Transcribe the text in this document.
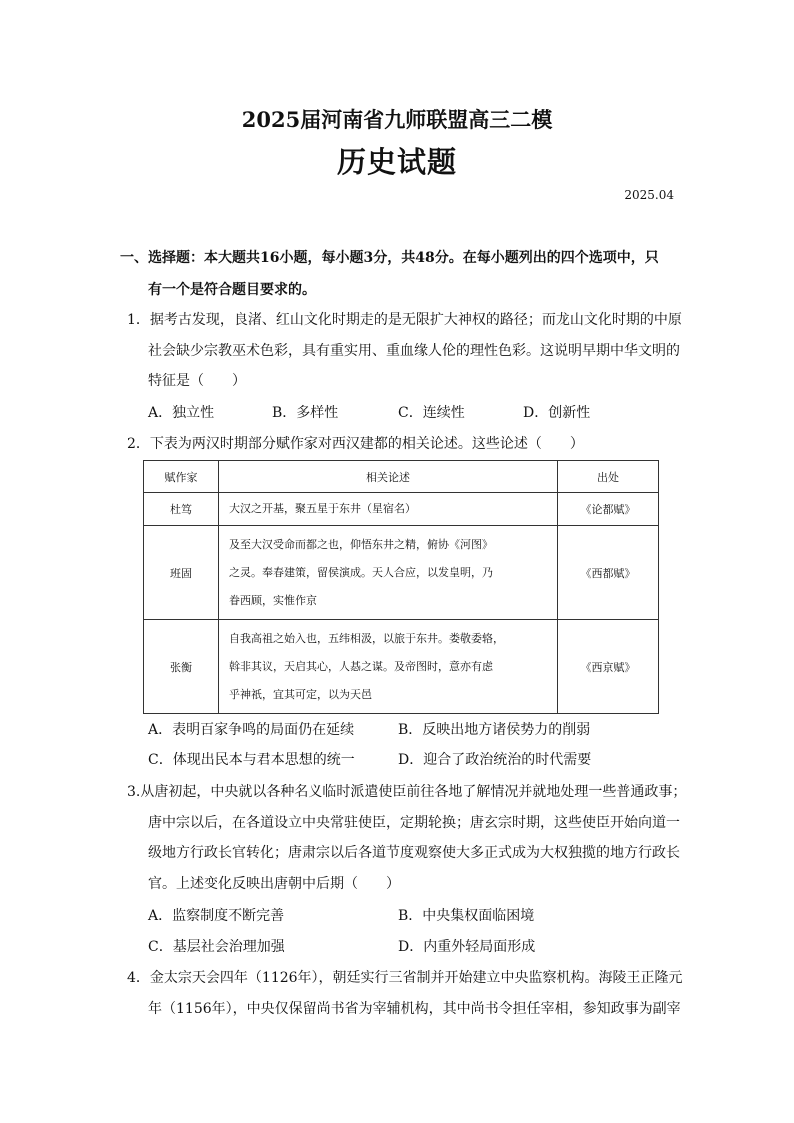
2025届河南省九师联盟高三二模
历史试题
2025.04
一、选择题：本大题共16小题，每小题3分，共48分。在每小题列出的四个选项中，只
有一个是符合题目要求的。
1．据考古发现，良渚、红山文化时期走的是无限扩大神权的路径；而龙山文化时期的中原
社会缺少宗教巫术色彩，具有重实用、重血缘人伦的理性色彩。这说明早期中华文明的
特征是（　　）
A．独立性	B．多样性	C．连续性	D．创新性
2．下表为两汉时期部分赋作家对西汉建都的相关论述。这些论述（　　）
赋作家	相关论述	出处
杜笃	大汉之开基，聚五星于东井（星宿名）	《论都赋》
班固	及至大汉受命而都之也，仰悟东井之精，俯协《河图》
之灵。奉春建策，留侯演成。天人合应，以发皇明，乃
眷西顾，实惟作京	《西都赋》
张衡	自我高祖之始入也，五纬相汲，以旅于东井。娄敬委辂，
斡非其议，天启其心，人惎之谋。及帝图时，意亦有虑
乎神祇，宜其可定，以为天邑	《西京赋》
A．表明百家争鸣的局面仍在延续	B．反映出地方诸侯势力的削弱
C．体现出民本与君本思想的统一	D．迎合了政治统治的时代需要
3.从唐初起，中央就以各种名义临时派遣使臣前往各地了解情况并就地处理一些普通政事；
唐中宗以后，在各道设立中央常驻使臣，定期轮换；唐玄宗时期，这些使臣开始向道一
级地方行政长官转化；唐肃宗以后各道节度观察使大多正式成为大权独揽的地方行政长
官。上述变化反映出唐朝中后期（　　）
A．监察制度不断完善	B．中央集权面临困境
C．基层社会治理加强	D．内重外轻局面形成
4．金太宗天会四年（1126年），朝廷实行三省制并开始建立中央监察机构。海陵王正隆元
年（1156年），中央仅保留尚书省为宰辅机构，其中尚书令担任宰相，参知政事为副宰
